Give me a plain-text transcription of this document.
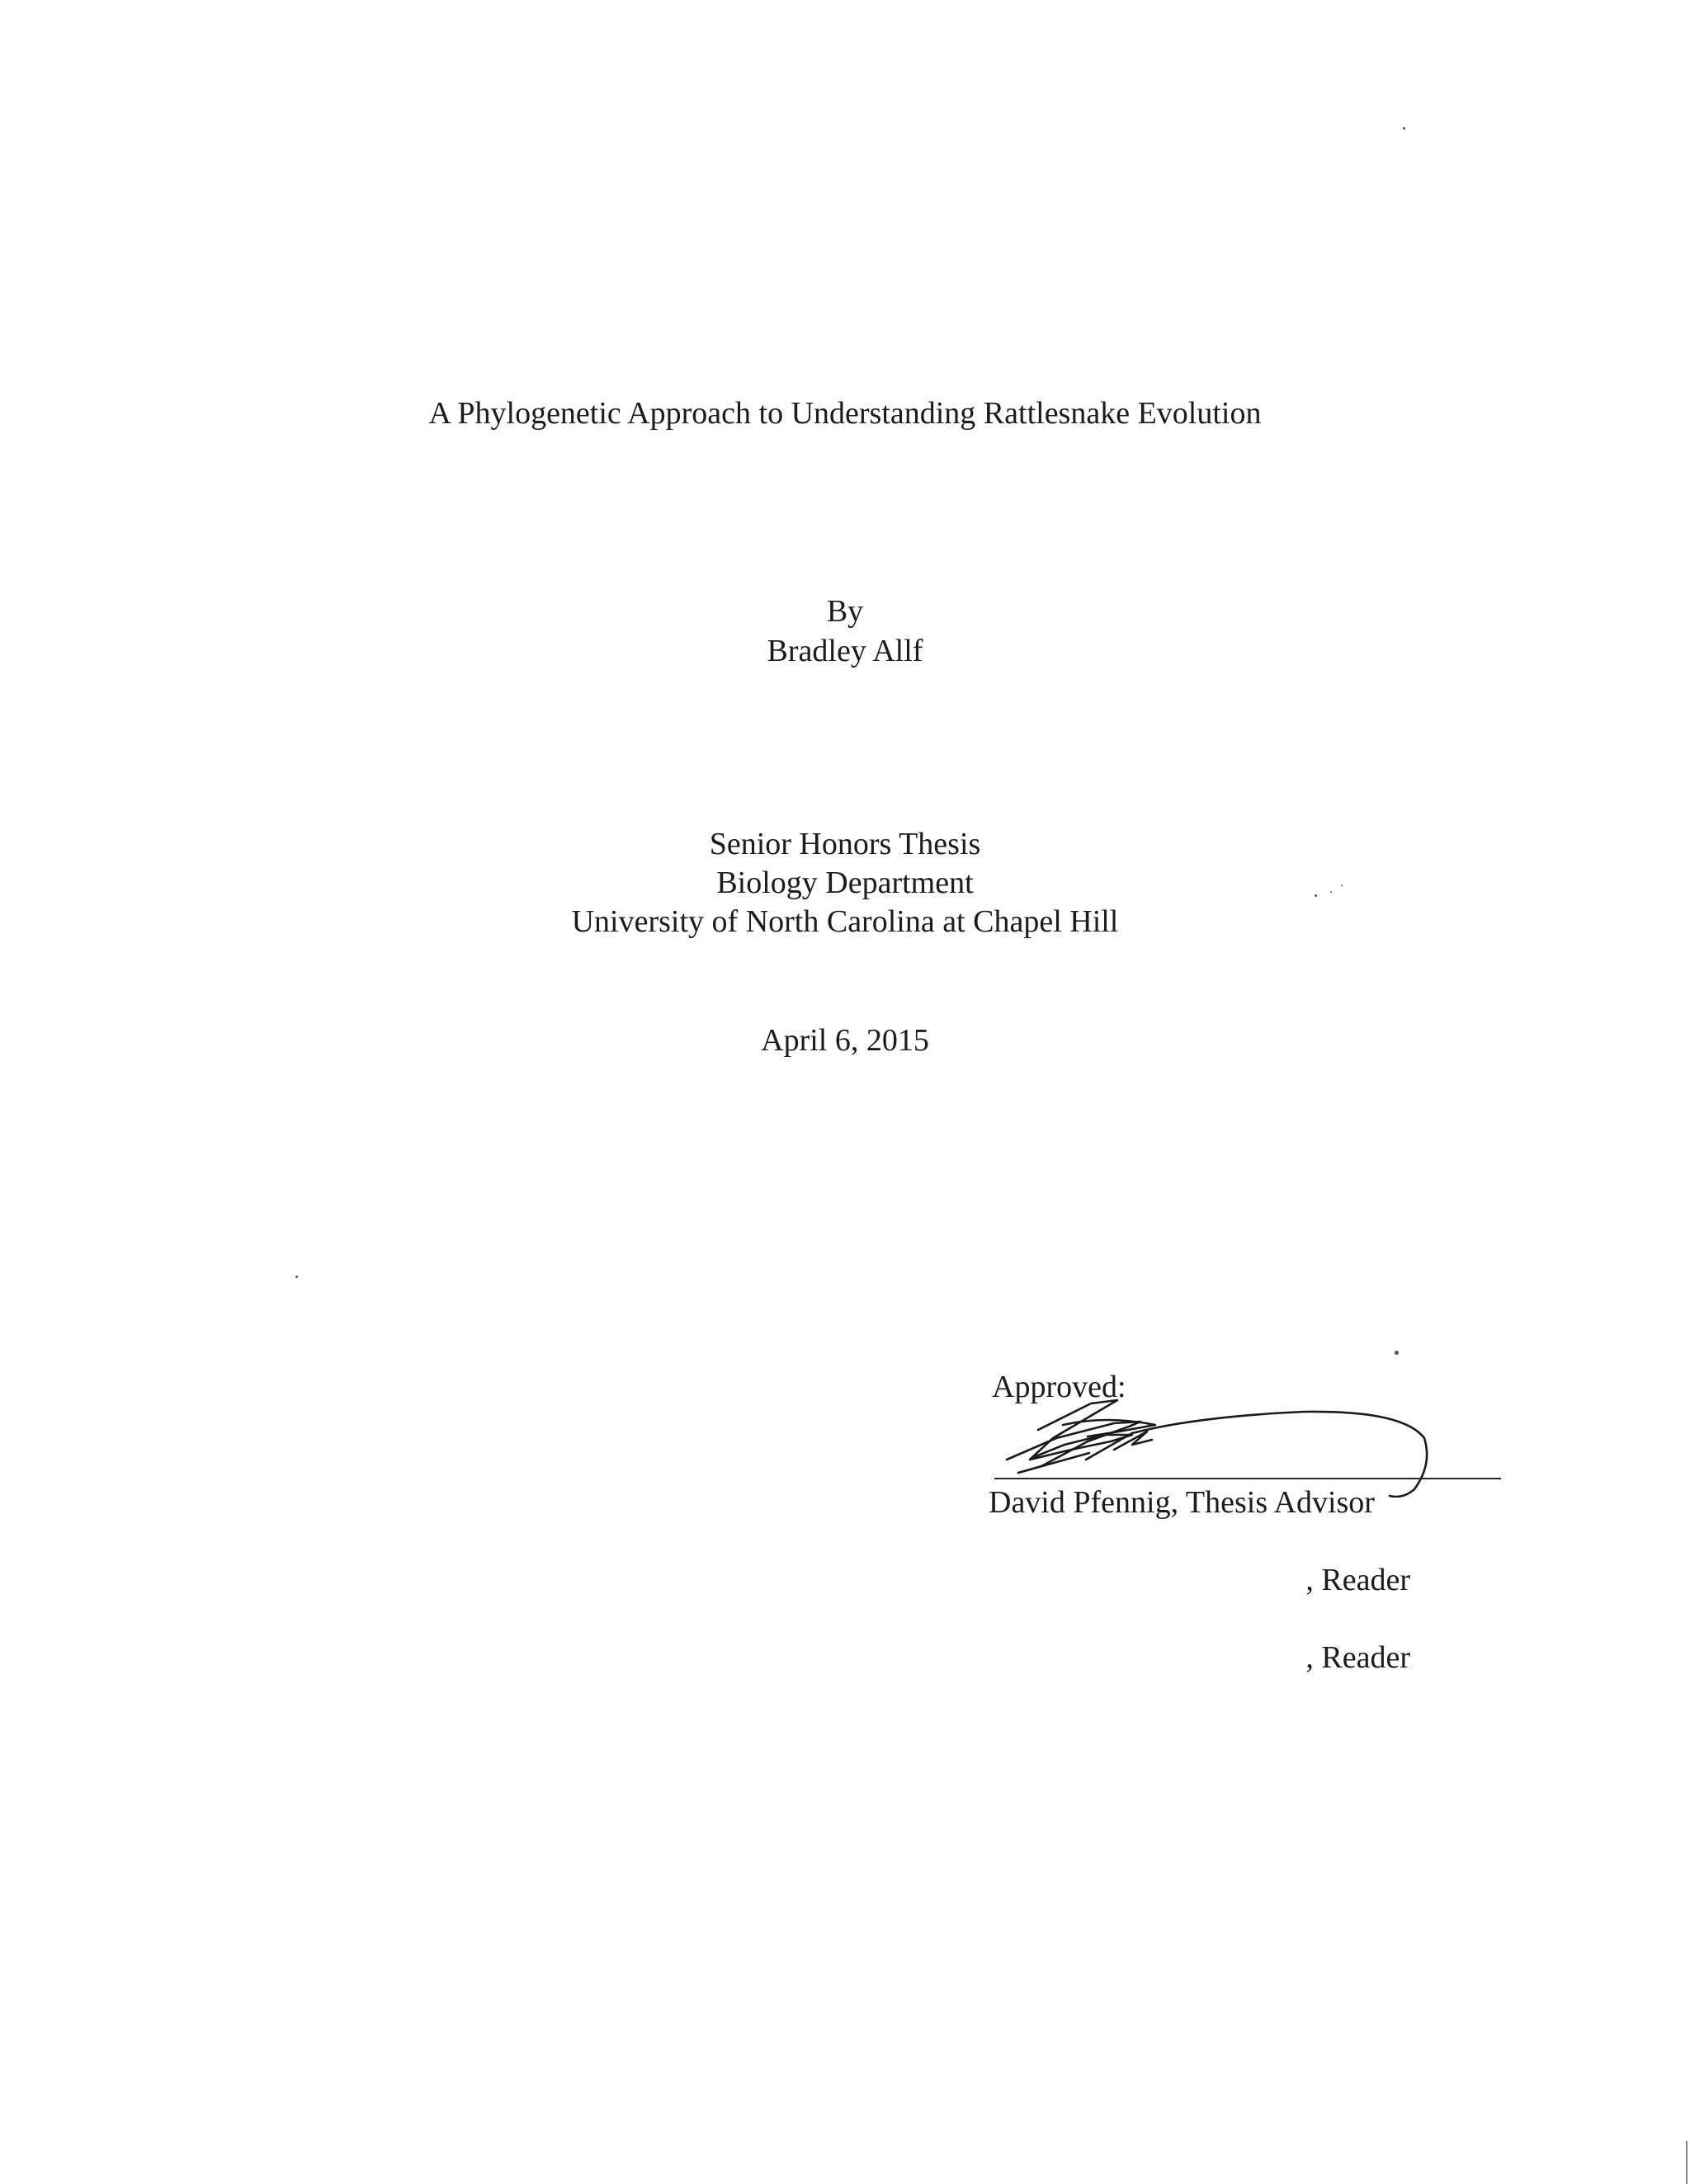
A Phylogenetic Approach to Understanding Rattlesnake Evolution
By
Bradley Allf
Senior Honors Thesis
Biology Department
University of North Carolina at Chapel Hill
April 6, 2015
Approved:
David Pfennig, Thesis Advisor
, Reader
, Reader
